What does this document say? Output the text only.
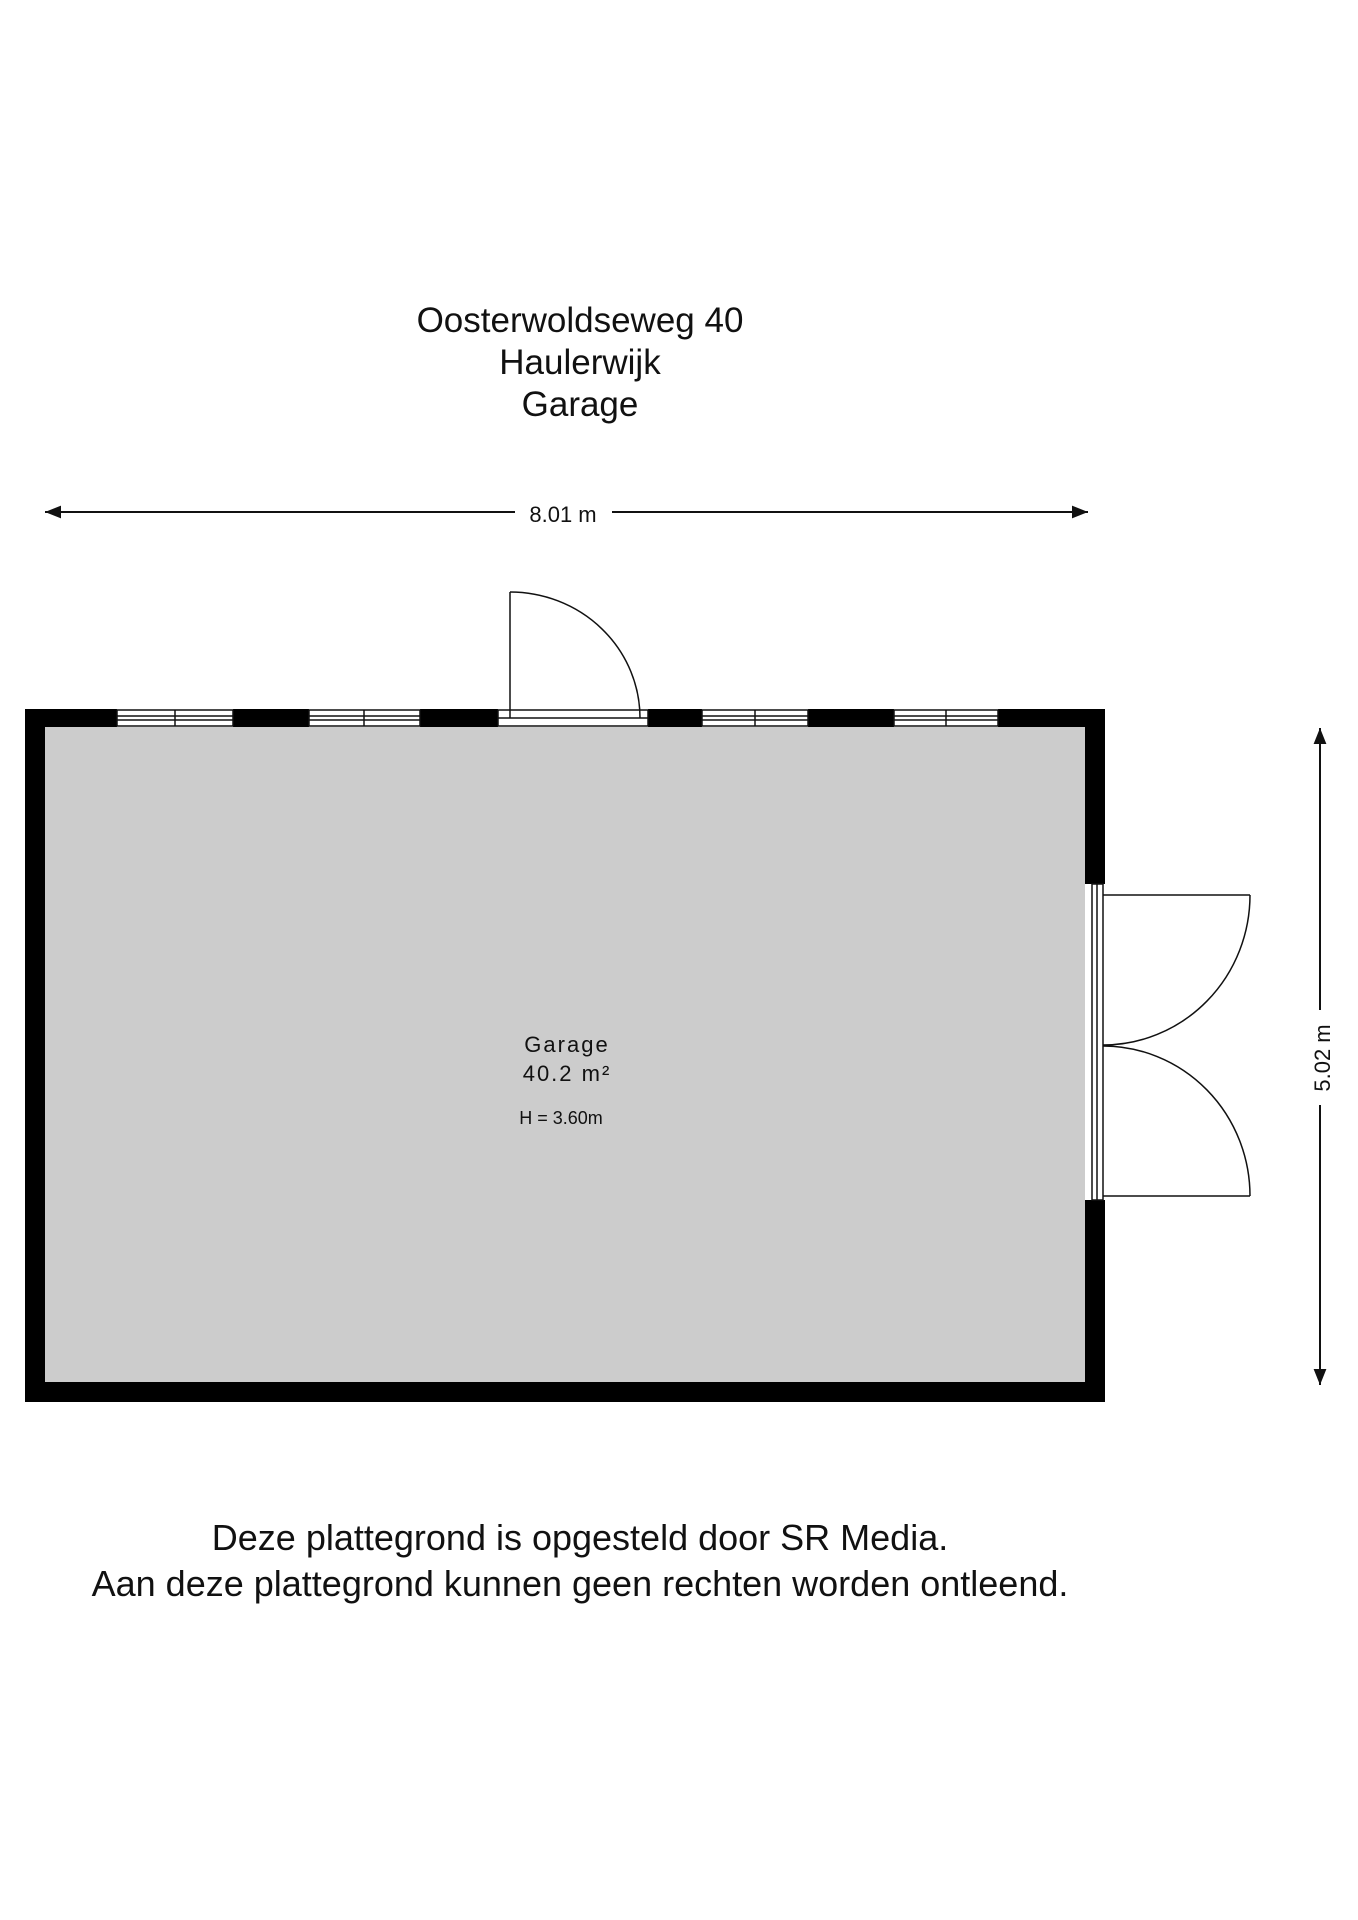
Oosterwoldseweg 40
Haulerwijk
Garage
8.01 m
5.02 m
Garage
40.2 m²
H = 3.60m
Deze plattegrond is opgesteld door SR Media.
Aan deze plattegrond kunnen geen rechten worden ontleend.
